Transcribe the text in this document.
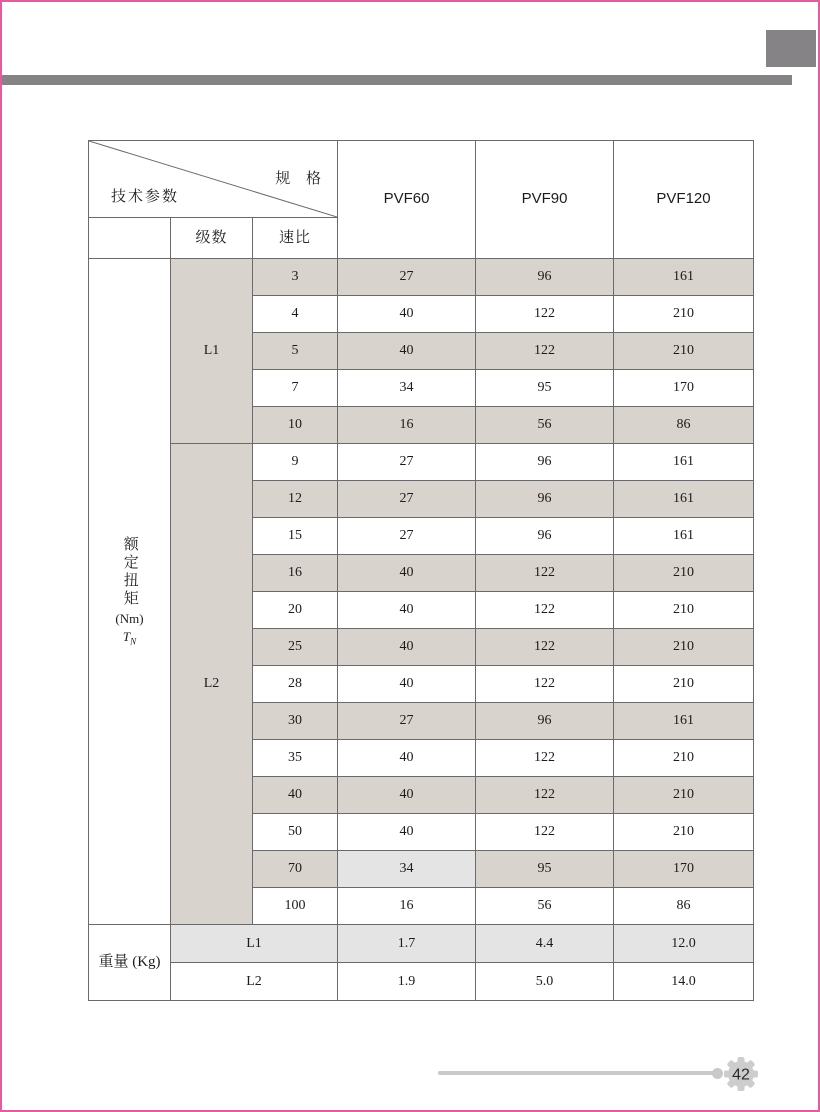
规 格
技术参数			PVF60	PVF90	PVF120
	级数	速比			

额定扭矩
(Nm)
$T_N$	L1	3	27	96	161
		4	40	122	210
		5	40	122	210
		7	34	95	170
		10	16	56	86
	L2	9	27	96	161
		12	27	96	161
		15	27	96	161
		16	40	122	210
		20	40	122	210
		25	40	122	210
		28	40	122	210
		30	27	96	161
		35	40	122	210
		40	40	122	210
		50	40	122	210
		70	34	95	170
		100	16	56	86
重量 (Kg)	L1		1.7	4.4	12.0
	L2		1.9	5.0	14.0
42
